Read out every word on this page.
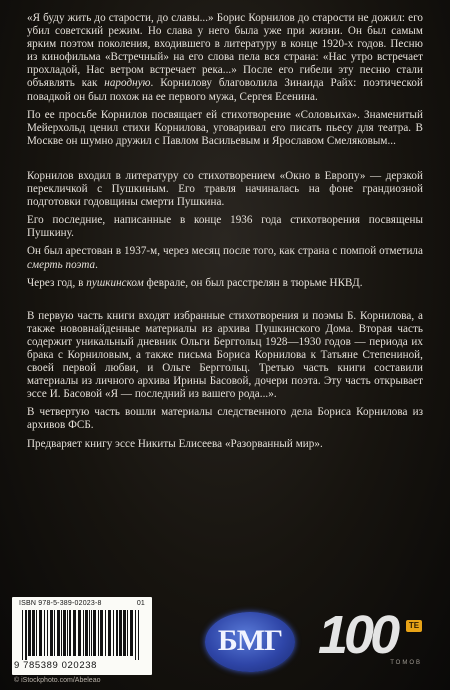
«Я буду жить до старости, до славы...» Борис Корнилов до старости не дожил: его убил советский режим. Но слава у него была уже при жизни. Он был самым ярким поэтом поколения, входившего в литературу в конце 1920-х годов. Песню из кинофильма «Встречный» на его слова пела вся страна: «Нас утро встречает прохладой, Нас ветром встречает река...» После его гибели эту песню стали объявлять как народную. Корнилову благоволила Зинаида Райх: поэтической повадкой он был похож на ее первого мужа, Сергея Есенина.

По ее просьбе Корнилов посвящает ей стихотворение «Соловьиха». Знаменитый Мейерхольд ценил стихи Корнилова, уговаривал его писать пьесу для театра. В Москве он шумно дружил с Павлом Васильевым и Ярославом Смеляковым...

Корнилов входил в литературу со стихотворением «Окно в Европу» — дерзкой перекличкой с Пушкиным. Его травля начиналась на фоне грандиозной подготовки годовщины смерти Пушкина.

Его последние, написанные в конце 1936 года стихотворения посвящены Пушкину.

Он был арестован в 1937-м, через месяц после того, как страна с помпой отметила смерть поэта.

Через год, в пушкинском феврале, он был расстрелян в тюрьме НКВД.

В первую часть книги входят избранные стихотворения и поэмы Б. Корнилова, а также нововнайденные материалы из архива Пушкинского Дома. Вторая часть содержит уникальный дневник Ольги Берггольц 1928—1930 годов — периода их брака с Корниловым, а также письма Бориса Корнилова к Татьяне Степениной, своей первой любви, и Ольге Берггольц. Третью часть книги составили материалы из личного архива Ирины Басовой, дочери поэта. Эту часть открывает эссе И. Басовой «Я — последний из вашего рода...».

В четвертую часть вошли материалы следственного дела Бориса Корнилова из архивов ФСБ.

Предваряет книгу эссе Никиты Елисеева «Разорванный мир».

ISBN 978-5-389-02023-8	01
9 785389 020238
© iStockphoto.com/Abeleao
БМГ 100	ТЕ
ТОМОВ
